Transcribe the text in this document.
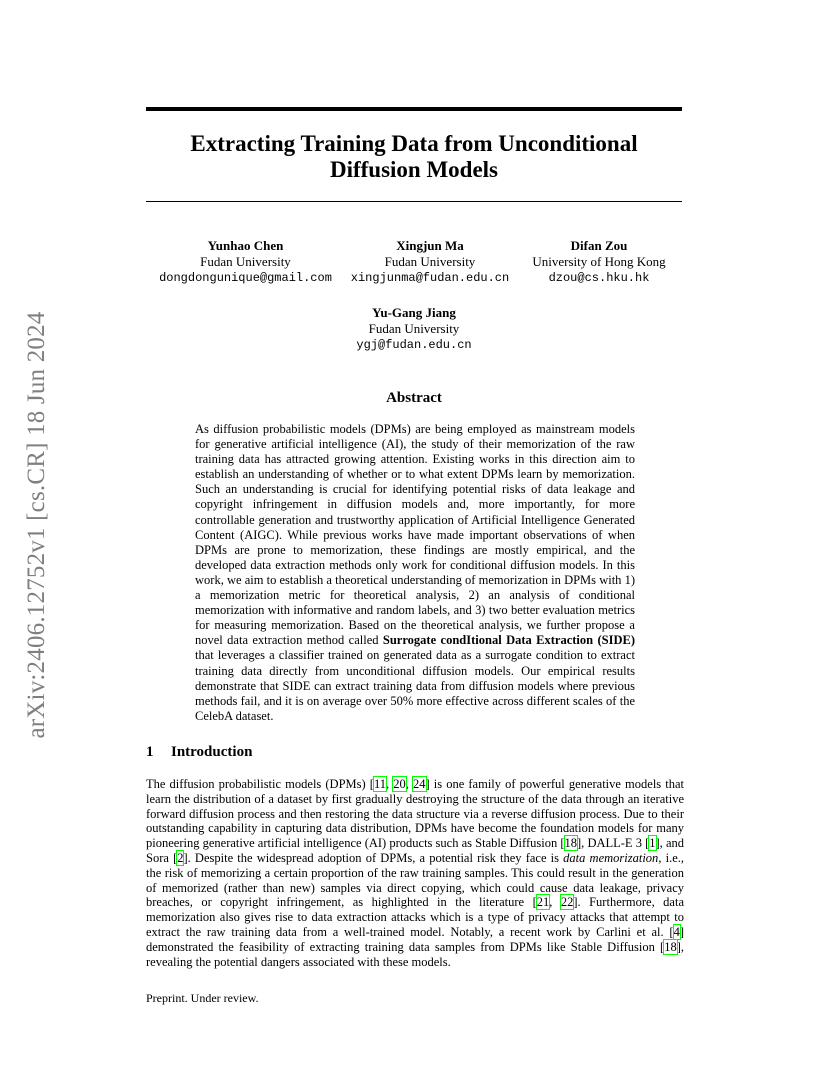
arXiv:2406.12752v1 [cs.CR] 18 Jun 2024
Extracting Training Data from Unconditional
Diffusion Models
Yunhao Chen
Fudan University
dongdongunique@gmail.com
Xingjun Ma
Fudan University
xingjunma@fudan.edu.cn
Difan Zou
University of Hong Kong
dzou@cs.hku.hk
Yu-Gang Jiang
Fudan University
ygj@fudan.edu.cn
Abstract
As diffusion probabilistic models (DPMs) are being employed as mainstream models for generative artificial intelligence (AI), the study of their memorization of the raw training data has attracted growing attention. Existing works in this direction aim to establish an understanding of whether or to what extent DPMs learn by memorization. Such an understanding is crucial for identifying potential risks of data leakage and copyright infringement in diffusion models and, more importantly, for more controllable generation and trustworthy application of Artificial Intelligence Generated Content (AIGC). While previous works have made important observations of when DPMs are prone to memorization, these findings are mostly empirical, and the developed data extraction methods only work for conditional diffusion models. In this work, we aim to establish a theoretical understanding of memorization in DPMs with 1) a memorization metric for theoretical analysis, 2) an analysis of conditional memorization with informative and random labels, and 3) two better evaluation metrics for measuring memorization. Based on the theoretical analysis, we further propose a novel data extraction method called Surrogate condItional Data Extraction (SIDE) that leverages a classifier trained on generated data as a surrogate condition to extract training data directly from unconditional diffusion models. Our empirical results demonstrate that SIDE can extract training data from diffusion models where previous methods fail, and it is on average over 50% more effective across different scales of the CelebA dataset.
1 Introduction
The diffusion probabilistic models (DPMs) [11, 20, 24] is one family of powerful generative models that learn the distribution of a dataset by first gradually destroying the structure of the data through an iterative forward diffusion process and then restoring the data structure via a reverse diffusion process. Due to their outstanding capability in capturing data distribution, DPMs have become the foundation models for many pioneering generative artificial intelligence (AI) products such as Stable Diffusion [18], DALL-E 3 [1], and Sora [2]. Despite the widespread adoption of DPMs, a potential risk they face is data memorization, i.e., the risk of memorizing a certain proportion of the raw training samples. This could result in the generation of memorized (rather than new) samples via direct copying, which could cause data leakage, privacy breaches, or copyright infringement, as highlighted in the literature [21, 22]. Furthermore, data memorization also gives rise to data extraction attacks which is a type of privacy attacks that attempt to extract the raw training data from a well-trained model. Notably, a recent work by Carlini et al. [4] demonstrated the feasibility of extracting training data samples from DPMs like Stable Diffusion [18], revealing the potential dangers associated with these models.
Preprint. Under review.
